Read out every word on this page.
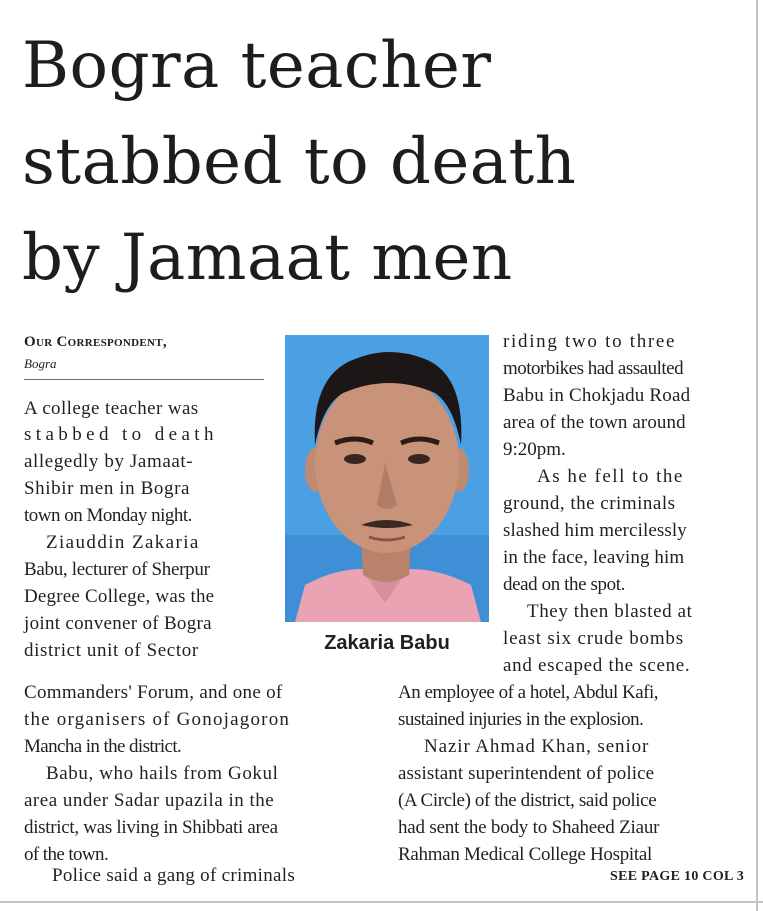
Bogra teacher
stabbed to death
by Jamaat men
Our Correspondent,
Bogra
A college teacher was
stabbed to death
allegedly by Jamaat-
Shibir men in Bogra
town on Monday night.
Ziauddin Zakaria
Babu, lecturer of Sherpur
Degree College, was the
joint convener of Bogra
district unit of Sector	Zakaria Babu
riding two to three
motorbikes had assaulted
Babu in Chokjadu Road
area of the town around
9:20pm.
As he fell to the
ground, the criminals
slashed him mercilessly
in the face, leaving him
dead on the spot.
They then blasted at
least six crude bombs
and escaped the scene.
Commanders' Forum, and one of
the organisers of Gonojagoron
Mancha in the district.
Babu, who hails from Gokul
area under Sadar upazila in the
district, was living in Shibbati area
of the town.
Police said a gang of criminals
An employee of a hotel, Abdul Kafi,
sustained injuries in the explosion.
Nazir Ahmad Khan, senior
assistant superintendent of police
(A Circle) of the district, said police
had sent the body to Shaheed Ziaur
Rahman Medical College Hospital
SEE PAGE 10 COL 3
